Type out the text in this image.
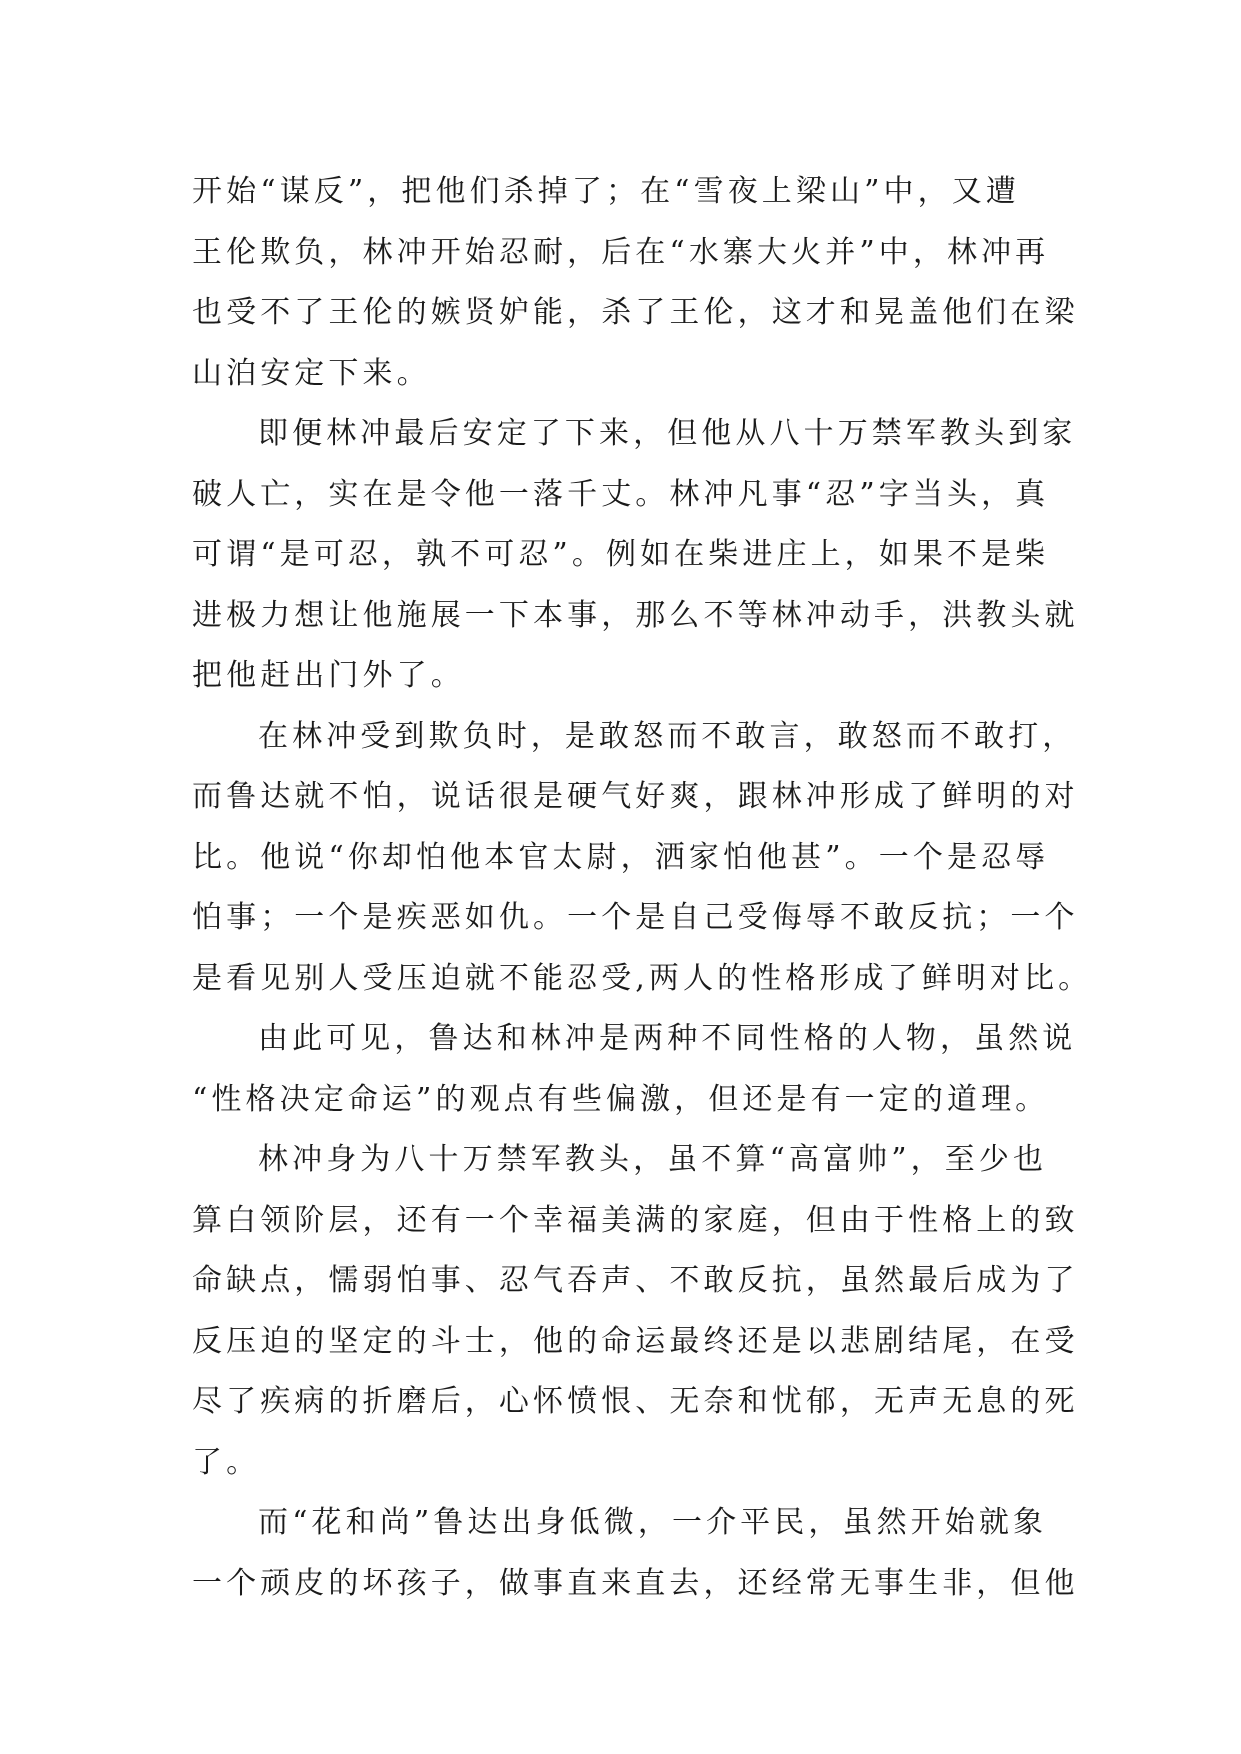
开始“谋反”，把他们杀掉了；在“雪夜上梁山”中，又遭
王伦欺负，林冲开始忍耐，后在“水寨大火并”中，林冲再
也受不了王伦的嫉贤妒能，杀了王伦，这才和晃盖他们在梁
山泊安定下来。
即便林冲最后安定了下来，但他从八十万禁军教头到家
破人亡，实在是令他一落千丈。林冲凡事“忍”字当头，真
可谓“是可忍，孰不可忍”。例如在柴进庄上，如果不是柴
进极力想让他施展一下本事，那么不等林冲动手，洪教头就
把他赶出门外了。
在林冲受到欺负时，是敢怒而不敢言，敢怒而不敢打，
而鲁达就不怕，说话很是硬气好爽，跟林冲形成了鲜明的对
比。他说“你却怕他本官太尉，洒家怕他甚”。一个是忍辱
怕事；一个是疾恶如仇。一个是自己受侮辱不敢反抗；一个
是看见别人受压迫就不能忍受,两人的性格形成了鲜明对比。
由此可见，鲁达和林冲是两种不同性格的人物，虽然说
“性格决定命运”的观点有些偏激，但还是有一定的道理。
林冲身为八十万禁军教头，虽不算“高富帅”，至少也
算白领阶层，还有一个幸福美满的家庭，但由于性格上的致
命缺点，懦弱怕事、忍气吞声、不敢反抗，虽然最后成为了
反压迫的坚定的斗士，他的命运最终还是以悲剧结尾，在受
尽了疾病的折磨后，心怀愤恨、无奈和忧郁，无声无息的死
了。
而“花和尚”鲁达出身低微，一介平民，虽然开始就象
一个顽皮的坏孩子，做事直来直去，还经常无事生非，但他
